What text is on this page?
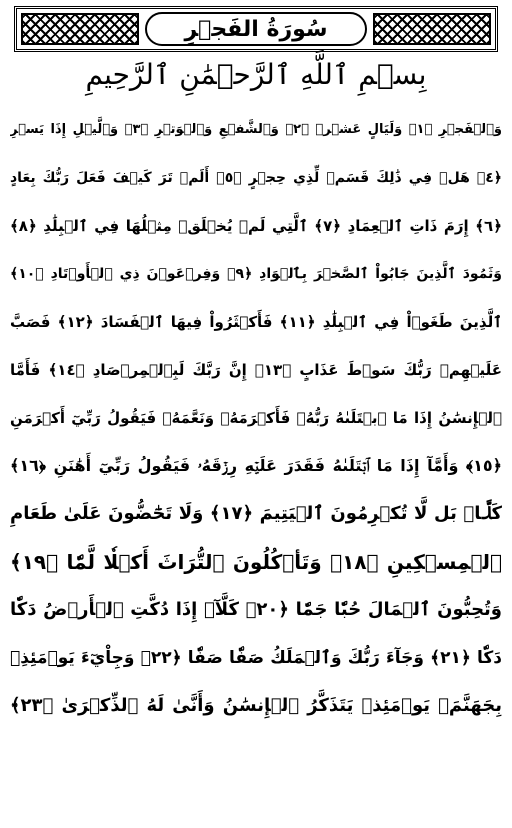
سُورَةُ الفَجۡرِ
بِسۡمِ ٱللَّهِ ٱلرَّحۡمَٰنِ ٱلرَّحِيمِ
وَٱلۡفَجۡرِ ﴿١﴾ وَلَيَالٍ عَشۡرٖ ﴿٢﴾ وَٱلشَّفۡعِ وَٱلۡوَتۡرِ ﴿٣﴾ وَٱلَّيۡلِ إِذَا يَسۡرِ
﴿٤﴾ هَلۡ فِي ذَٰلِكَ قَسَمٞ لِّذِي حِجۡرٍ ﴿٥﴾ أَلَمۡ تَرَ كَيۡفَ فَعَلَ رَبُّكَ بِعَادٍ
﴿٦﴾ إِرَمَ ذَاتِ ٱلۡعِمَادِ ﴿٧﴾ ٱلَّتِي لَمۡ يُخۡلَقۡ مِثۡلُهَا فِي ٱلۡبِلَٰدِ ﴿٨﴾
وَثَمُودَ ٱلَّذِينَ جَابُواْ ٱلصَّخۡرَ بِٱلۡوَادِ ﴿٩﴾ وَفِرۡعَوۡنَ ذِي ٱلۡأَوۡتَادِ ﴿١٠﴾
ٱلَّذِينَ طَغَوۡاْ فِي ٱلۡبِلَٰدِ ﴿١١﴾ فَأَكۡثَرُواْ فِيهَا ٱلۡفَسَادَ ﴿١٢﴾ فَصَبَّ
عَلَيۡهِمۡ رَبُّكَ سَوۡطَ عَذَابٍ ﴿١٣﴾ إِنَّ رَبَّكَ لَبِٱلۡمِرۡصَادِ ﴿١٤﴾ فَأَمَّا
ٱلۡإِنسَٰنُ إِذَا مَا ٱبۡتَلَىٰهُ رَبُّهُۥ فَأَكۡرَمَهُۥ وَنَعَّمَهُۥ فَيَقُولُ رَبِّيٓ أَكۡرَمَنِ
﴿١٥﴾ وَأَمَّآ إِذَا مَا ٱبۡتَلَىٰهُ فَقَدَرَ عَلَيۡهِ رِزۡقَهُۥ فَيَقُولُ رَبِّيٓ أَهَٰنَنِ ﴿١٦﴾
كَلَّاۖ بَل لَّا تُكۡرِمُونَ ٱلۡيَتِيمَ ﴿١٧﴾ وَلَا تَحَٰٓضُّونَ عَلَىٰ طَعَامِ
ٱلۡمِسۡكِينِ ﴿١٨﴾ وَتَأۡكُلُونَ ٱلتُّرَاثَ أَكۡلٗا لَّمّٗا ﴿١٩﴾
وَتُحِبُّونَ ٱلۡمَالَ حُبّٗا جَمّٗا ﴿٢٠﴾ كَلَّآۖ إِذَا دُكَّتِ ٱلۡأَرۡضُ دَكّٗا
دَكّٗا ﴿٢١﴾ وَجَآءَ رَبُّكَ وَٱلۡمَلَكُ صَفّٗا صَفّٗا ﴿٢٢﴾ وَجِاْيٓءَ يَوۡمَئِذِۭ
بِجَهَنَّمَۚ يَوۡمَئِذٖ يَتَذَكَّرُ ٱلۡإِنسَٰنُ وَأَنَّىٰ لَهُ ٱلذِّكۡرَىٰ ﴿٢٣﴾
